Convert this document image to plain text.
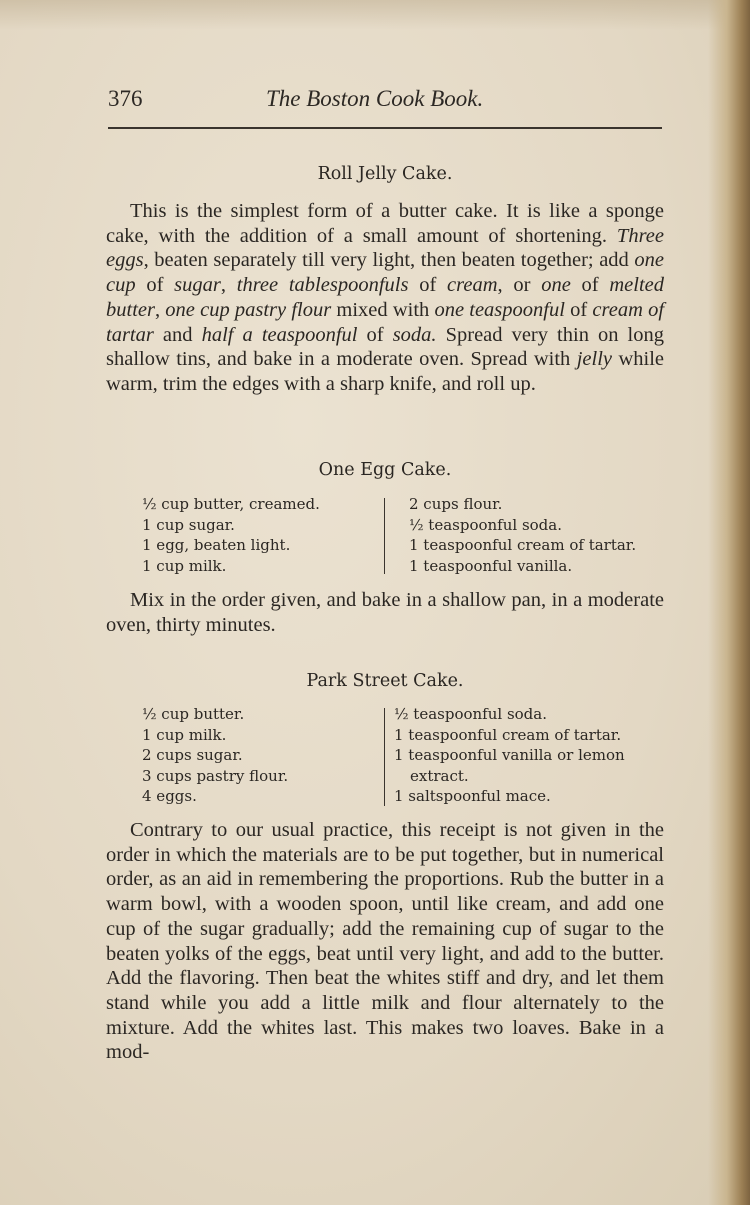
376	The Boston Cook Book.
Roll Jelly Cake.

This is the simplest form of a butter cake. It is like a sponge cake, with the addition of a small amount of shortening. Three eggs, beaten separately till very light, then beaten together; add one cup of sugar, three tablespoonfuls of cream, or one of melted butter, one cup pastry flour mixed with one teaspoonful of cream of tartar and half a teaspoonful of soda. Spread very thin on long shallow tins, and bake in a moderate oven. Spread with jelly while warm, trim the edges with a sharp knife, and roll up.

One Egg Cake.
½ cup butter, creamed.
1 cup sugar.
1 egg, beaten light.
1 cup milk.
2 cups flour.
½ teaspoonful soda.
1 teaspoonful cream of tartar.
1 teaspoonful vanilla.

Mix in the order given, and bake in a shallow pan, in a moderate oven, thirty minutes.

Park Street Cake.
½ cup butter.
1 cup milk.
2 cups sugar.
3 cups pastry flour.
4 eggs.
½ teaspoonful soda.
1 teaspoonful cream of tartar.
1 teaspoonful vanilla or lemon
extract.
1 saltspoonful mace.

Contrary to our usual practice, this receipt is not given in the order in which the materials are to be put together, but in numerical order, as an aid in remembering the proportions. Rub the butter in a warm bowl, with a wooden spoon, until like cream, and add one cup of the sugar gradually; add the remaining cup of sugar to the beaten yolks of the eggs, beat until very light, and add to the butter. Add the flavoring. Then beat the whites stiff and dry, and let them stand while you add a little milk and flour alternately to the mixture. Add the whites last. This makes two loaves. Bake in a mod-
